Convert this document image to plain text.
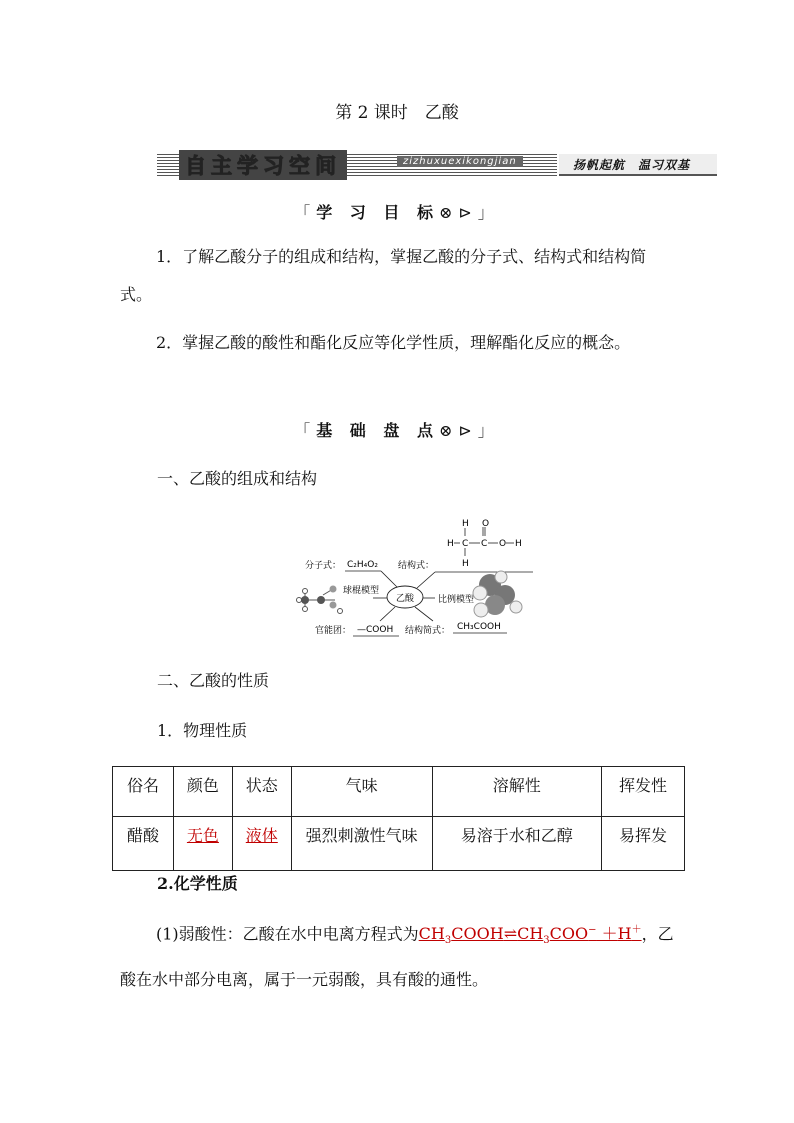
第 2 课时　乙酸
自主学习空间	zizhuxuexikongjian	扬帆起航　温习双基
「学 习 目 标⊗⊳」
1．了解乙酸分子的组成和结构，掌握乙酸的分子式、结构式和结构简式。
2．掌握乙酸的酸性和酯化反应等化学性质，理解酯化反应的概念。
「基 础 盘 点⊗⊳」
一、乙酸的组成和结构
H O
H C C O H
H
分子式： C₂H₄O₂ 结构式：
乙酸
球棍模型
比例模型
官能团： —COOH 结构简式： CH₃COOH
二、乙酸的性质
1．物理性质
俗名	颜色	状态	气味	溶解性	挥发性
醋酸	无色	液体	强烈刺激性气味	易溶于水和乙醇	易挥发
2.化学性质
(1)弱酸性：乙酸在水中电离方程式为$CH_3COOH\rightleftharpoons CH_3COO^- +H^+$，乙酸在水中部分电离，属于一元弱酸，具有酸的通性。
